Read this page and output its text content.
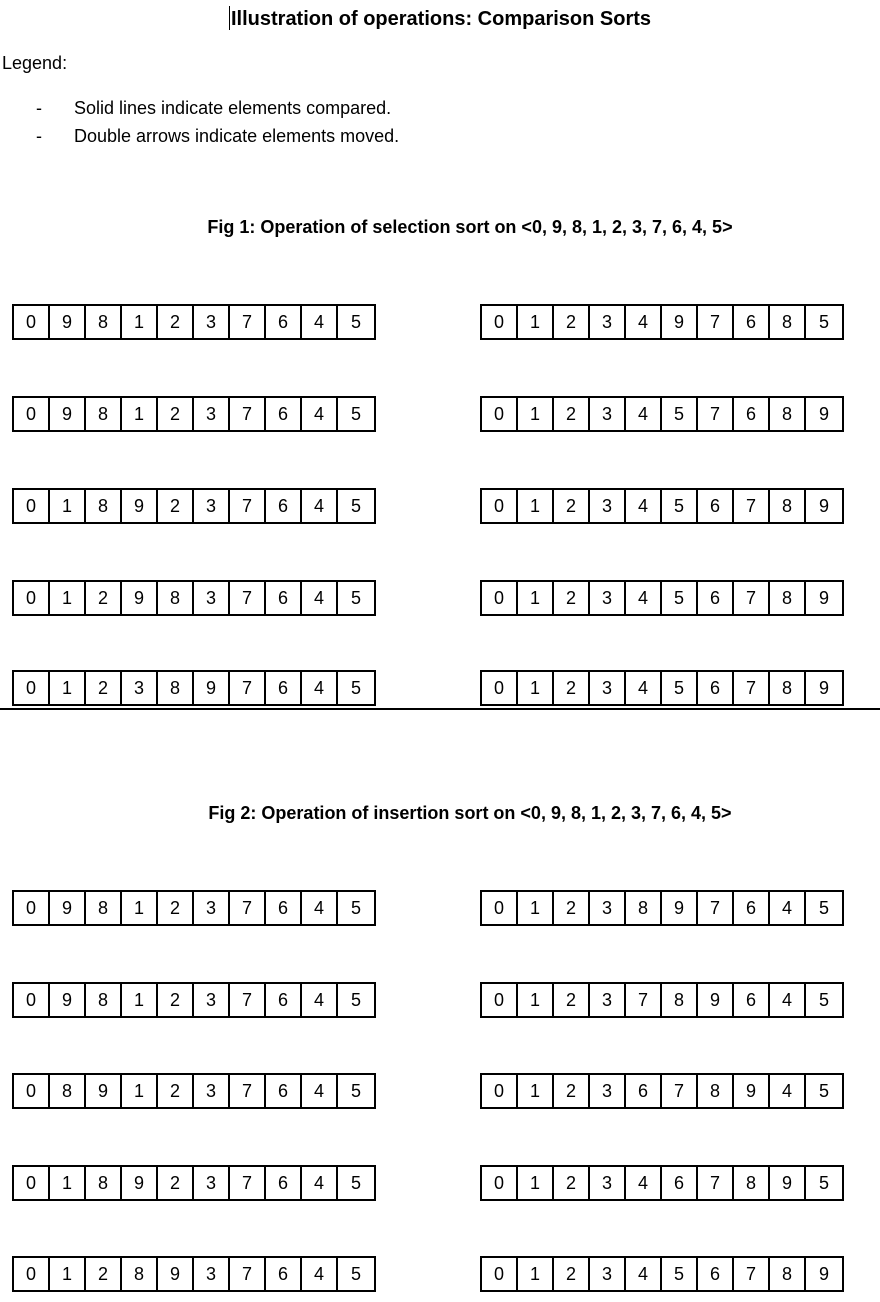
Illustration of operations: Comparison Sorts
Legend:
- Solid lines indicate elements compared.
- Double arrows indicate elements moved.
Fig 1: Operation of selection sort on <0, 9, 8, 1, 2, 3, 7, 6, 4, 5>
0	9	8	1	2	3	7	6	4	5
0	9	8	1	2	3	7	6	4	5
0	1	8	9	2	3	7	6	4	5
0	1	2	9	8	3	7	6	4	5
0	1	2	3	8	9	7	6	4	5
0	1	2	3	4	9	7	6	8	5
0	1	2	3	4	5	7	6	8	9
0	1	2	3	4	5	6	7	8	9
0	1	2	3	4	5	6	7	8	9
0	1	2	3	4	5	6	7	8	9
Fig 2: Operation of insertion sort on <0, 9, 8, 1, 2, 3, 7, 6, 4, 5>
0	9	8	1	2	3	7	6	4	5
0	9	8	1	2	3	7	6	4	5
0	8	9	1	2	3	7	6	4	5
0	1	8	9	2	3	7	6	4	5
0	1	2	8	9	3	7	6	4	5
0	1	2	3	8	9	7	6	4	5
0	1	2	3	7	8	9	6	4	5
0	1	2	3	6	7	8	9	4	5
0	1	2	3	4	6	7	8	9	5
0	1	2	3	4	5	6	7	8	9
